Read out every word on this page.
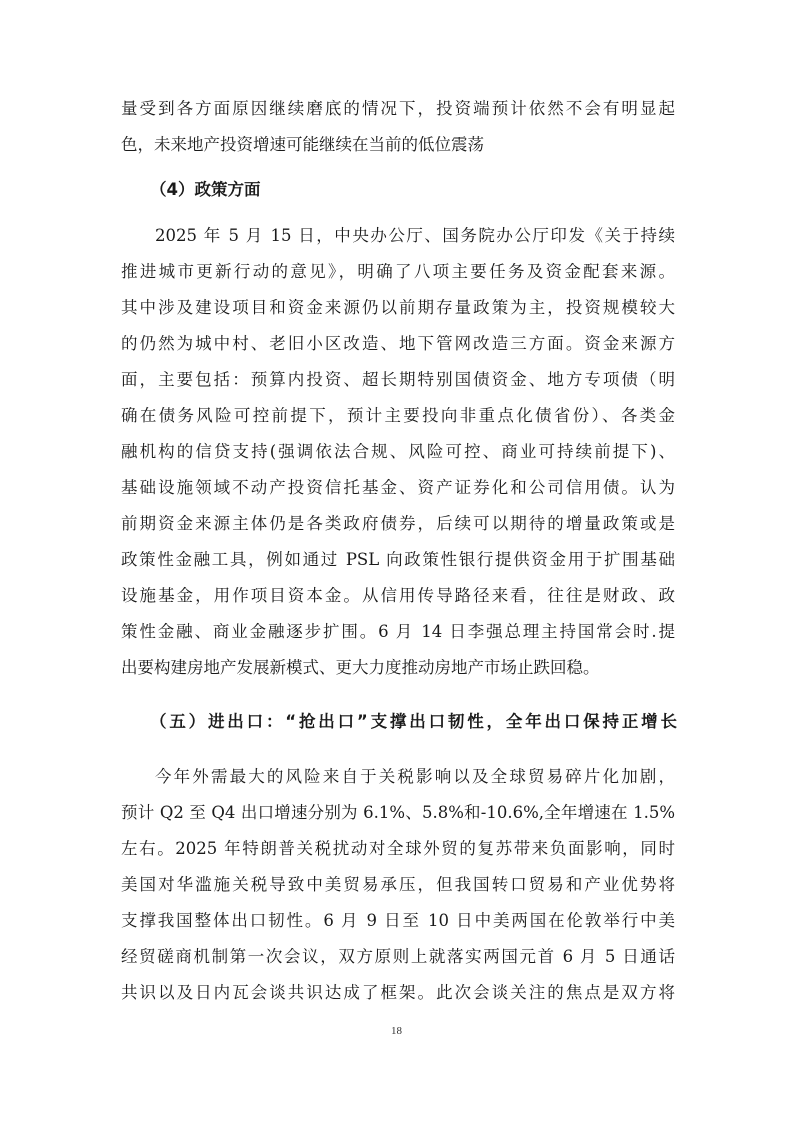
量受到各方面原因继续磨底的情况下，投资端预计依然不会有明显起
色，未来地产投资增速可能继续在当前的低位震荡
（4）政策方面
2025 年 5 月 15 日，中央办公厅、国务院办公厅印发《关于持续
推进城市更新行动的意见》，明确了八项主要任务及资金配套来源。
其中涉及建设项目和资金来源仍以前期存量政策为主，投资规模较大
的仍然为城中村、老旧小区改造、地下管网改造三方面。资金来源方
面，主要包括：预算内投资、超长期特别国债资金、地方专项债（明
确在债务风险可控前提下，预计主要投向非重点化债省份）、各类金
融机构的信贷支持(强调依法合规、风险可控、商业可持续前提下)、
基础设施领域不动产投资信托基金、资产证券化和公司信用债。认为
前期资金来源主体仍是各类政府债券，后续可以期待的增量政策或是
政策性金融工具，例如通过 PSL 向政策性银行提供资金用于扩围基础
设施基金，用作项目资本金。从信用传导路径来看，往往是财政、政
策性金融、商业金融逐步扩围。6 月 14 日李强总理主持国常会时.提
出要构建房地产发展新模式、更大力度推动房地产市场止跌回稳。
（五）进出口：“抢出口”支撑出口韧性，全年出口保持正增长
今年外需最大的风险来自于关税影响以及全球贸易碎片化加剧，
预计 Q2 至 Q4 出口增速分别为 6.1%、5.8%和-10.6%,全年增速在 1.5%
左右。2025 年特朗普关税扰动对全球外贸的复苏带来负面影响，同时
美国对华滥施关税导致中美贸易承压，但我国转口贸易和产业优势将
支撑我国整体出口韧性。6 月 9 日至 10 日中美两国在伦敦举行中美
经贸磋商机制第一次会议，双方原则上就落实两国元首 6 月 5 日通话
共识以及日内瓦会谈共识达成了框架。此次会谈关注的焦点是双方将
18
